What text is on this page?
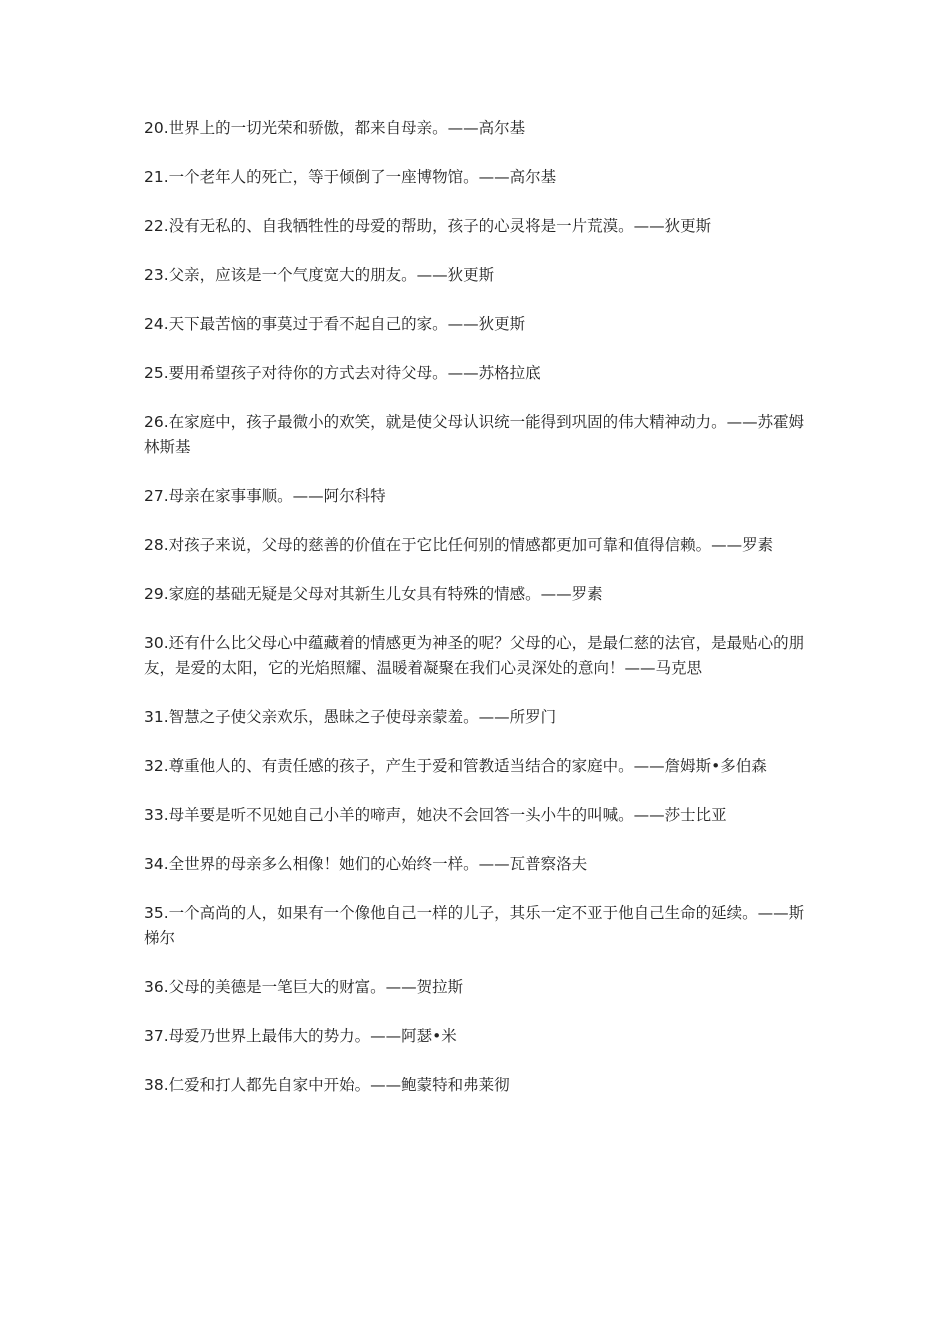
20.世界上的一切光荣和骄傲，都来自母亲。——高尔基

21.一个老年人的死亡，等于倾倒了一座博物馆。——高尔基

22.没有无私的、自我牺牲性的母爱的帮助，孩子的心灵将是一片荒漠。——狄更斯

23.父亲，应该是一个气度宽大的朋友。——狄更斯

24.天下最苦恼的事莫过于看不起自己的家。——狄更斯

25.要用希望孩子对待你的方式去对待父母。——苏格拉底

26.在家庭中，孩子最微小的欢笑，就是使父母认识统一能得到巩固的伟大精神动力。——苏霍姆林斯基

27.母亲在家事事顺。——阿尔科特

28.对孩子来说，父母的慈善的价值在于它比任何别的情感都更加可靠和值得信赖。——罗素

29.家庭的基础无疑是父母对其新生儿女具有特殊的情感。——罗素

30.还有什么比父母心中蕴藏着的情感更为神圣的呢？父母的心，是最仁慈的法官，是最贴心的朋友，是爱的太阳，它的光焰照耀、温暖着凝聚在我们心灵深处的意向！——马克思

31.智慧之子使父亲欢乐，愚昧之子使母亲蒙羞。——所罗门

32.尊重他人的、有责任感的孩子，产生于爱和管教适当结合的家庭中。——詹姆斯•多伯森

33.母羊要是听不见她自己小羊的啼声，她决不会回答一头小牛的叫喊。——莎士比亚

34.全世界的母亲多么相像！她们的心始终一样。——瓦普察洛夫

35.一个高尚的人，如果有一个像他自己一样的儿子，其乐一定不亚于他自己生命的延续。——斯梯尔

36.父母的美德是一笔巨大的财富。——贺拉斯

37.母爱乃世界上最伟大的势力。——阿瑟•米

38.仁爱和打人都先自家中开始。——鲍蒙特和弗莱彻
